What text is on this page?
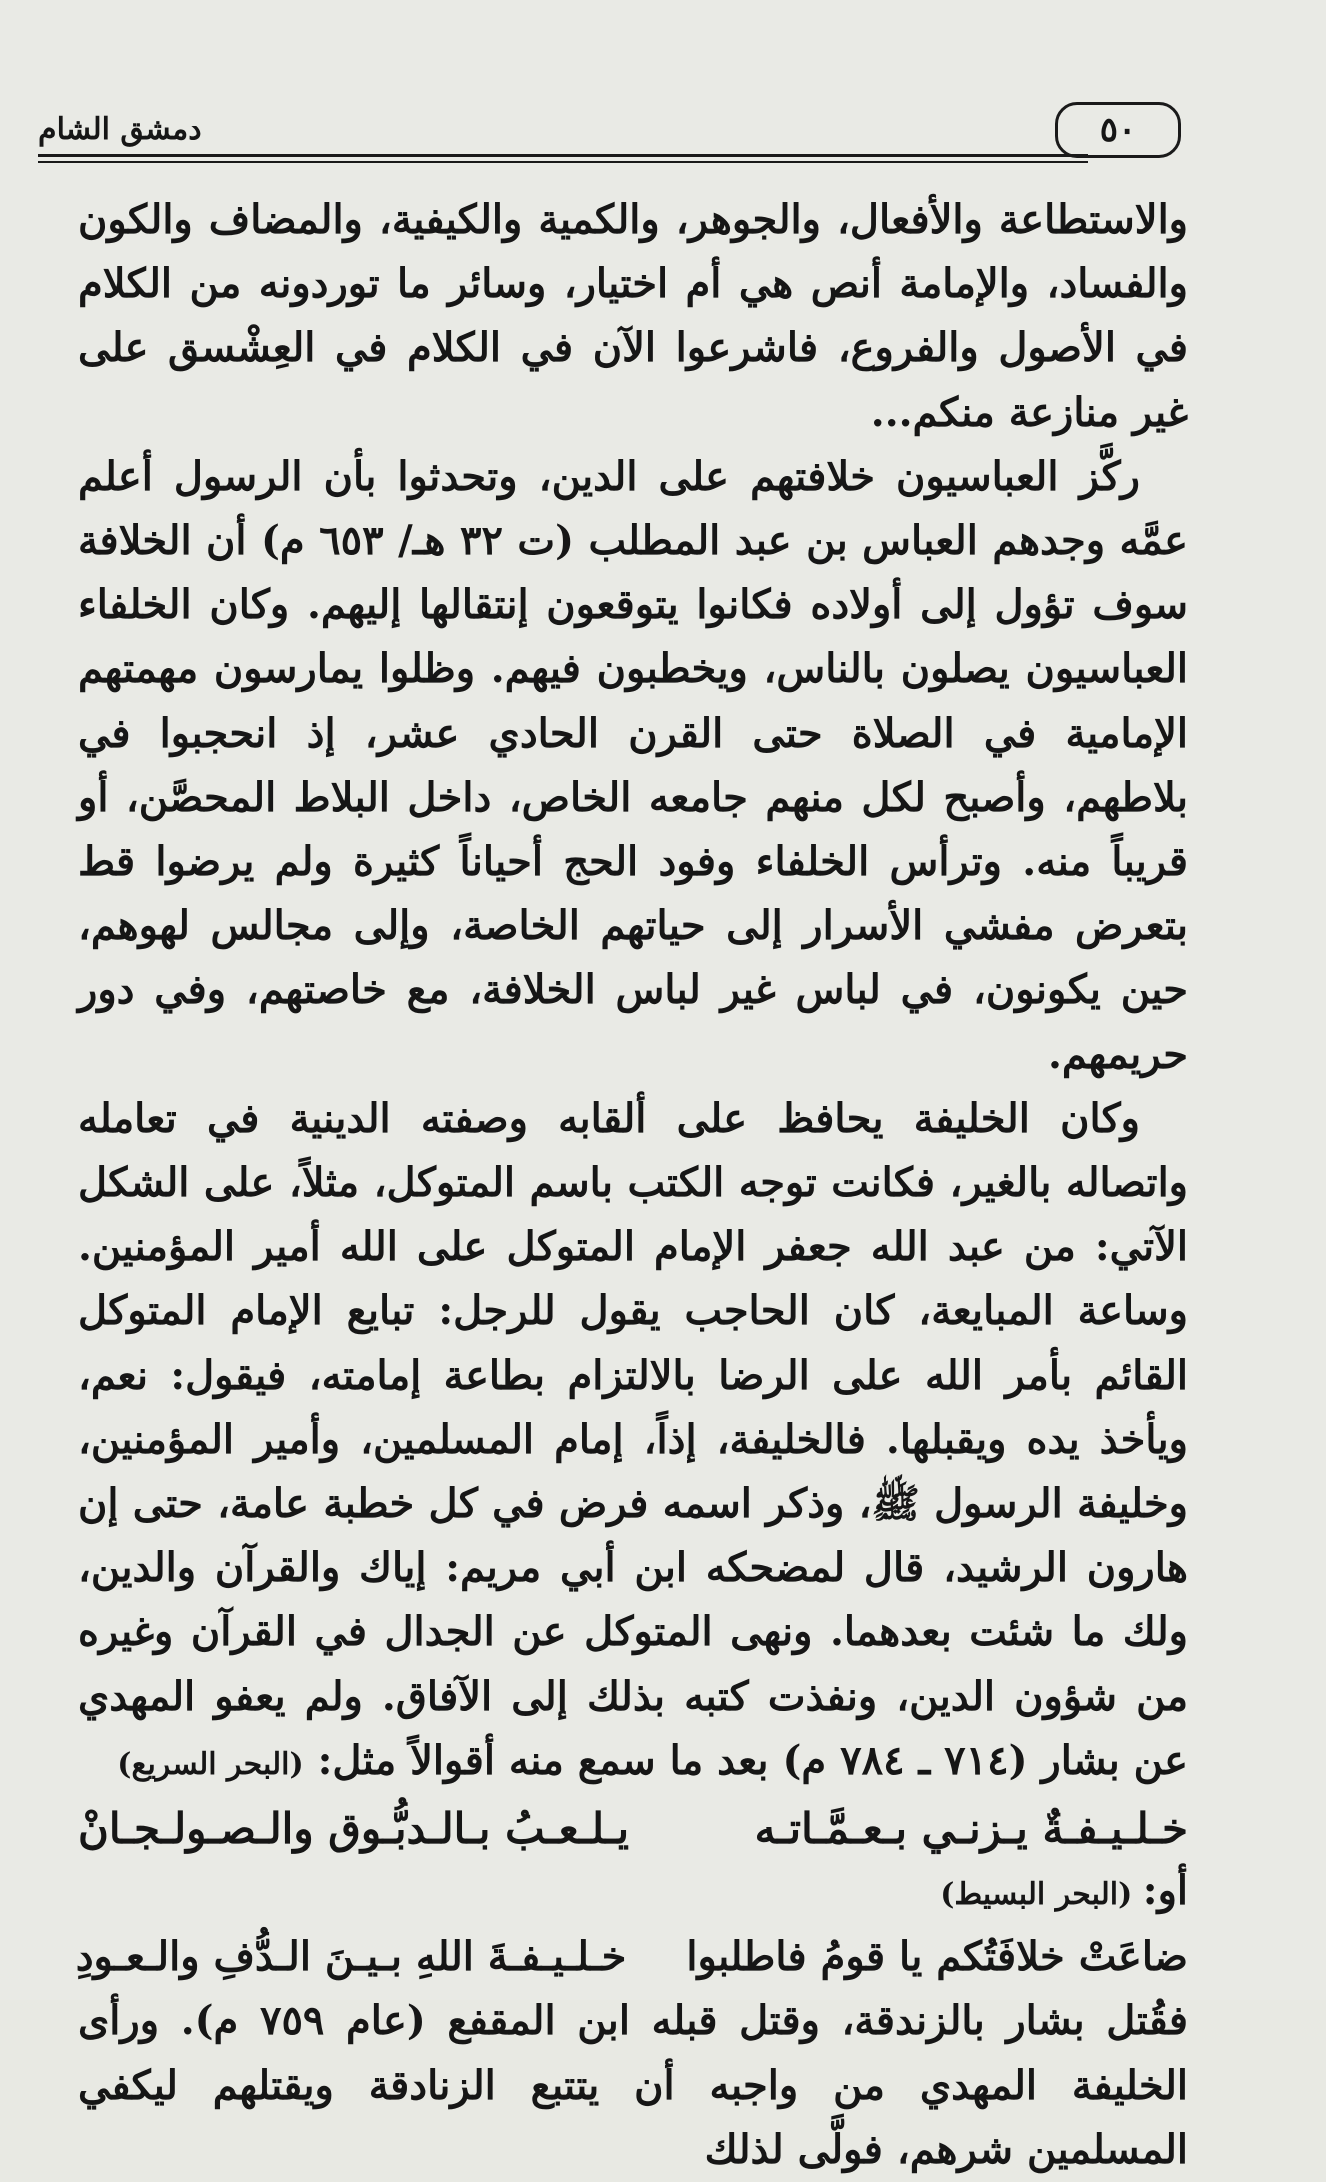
٥٠
دمشق الشام

والاستطاعة والأفعال، والجوهر، والكمية والكيفية، والمضاف والكون والفساد، والإمامة أنص هي أم اختيار، وسائر ما توردونه من الكلام في الأصول والفروع، فاشرعوا الآن في الكلام في العِشْسق على غير منازعة منكم...

ركَّز العباسيون خلافتهم على الدين، وتحدثوا بأن الرسول أعلم عمَّه وجدهم العباس بن عبد المطلب (ت ٣٢ هـ/ ٦٥٣ م) أن الخلافة سوف تؤول إلى أولاده فكانوا يتوقعون إنتقالها إليهم. وكان الخلفاء العباسيون يصلون بالناس، ويخطبون فيهم. وظلوا يمارسون مهمتهم الإمامية في الصلاة حتى القرن الحادي عشر، إذ انحجبوا في بلاطهم، وأصبح لكل منهم جامعه الخاص، داخل البلاط المحصَّن، أو قريباً منه. وترأس الخلفاء وفود الحج أحياناً كثيرة ولم يرضوا قط بتعرض مفشي الأسرار إلى حياتهم الخاصة، وإلى مجالس لهوهم، حين يكونون، في لباس غير لباس الخلافة، مع خاصتهم، وفي دور حريمهم.

وكان الخليفة يحافظ على ألقابه وصفته الدينية في تعامله واتصاله بالغير، فكانت توجه الكتب باسم المتوكل، مثلاً، على الشكل الآتي: من عبد الله جعفر الإمام المتوكل على الله أمير المؤمنين. وساعة المبايعة، كان الحاجب يقول للرجل: تبايع الإمام المتوكل القائم بأمر الله على الرضا بالالتزام بطاعة إمامته، فيقول: نعم، ويأخذ يده ويقبلها. فالخليفة، إذاً، إمام المسلمين، وأمير المؤمنين، وخليفة الرسول ﷺ، وذكر اسمه فرض في كل خطبة عامة، حتى إن هارون الرشيد، قال لمضحكه ابن أبي مريم: إياك والقرآن والدين، ولك ما شئت بعدهما. ونهى المتوكل عن الجدال في القرآن وغيره من شؤون الدين، ونفذت كتبه بذلك إلى الآفاق. ولم يعفو المهدي عن بشار (٧١٤ ـ ٧٨٤ م) بعد ما سمع منه أقوالاً مثل: (البحر السريع)

خـلـيـفـةٌ يـزنـي بـعـمَّـاتـه
يـلـعـبُ بـالـدبُّـوق والـصـولـجـانْ
أو: (البحر البسيط)
ضاعَتْ خلافَتُكم يا قومُ فاطلبوا
خـلـيـفـةَ اللهِ بـيـنَ الـدُّفِ والـعـودِ

فقُتل بشار بالزندقة، وقتل قبله ابن المقفع (عام ٧٥٩ م). ورأى الخليفة المهدي من واجبه أن يتتبع الزنادقة ويقتلهم ليكفي المسلمين شرهم، فولَّى لذلك
